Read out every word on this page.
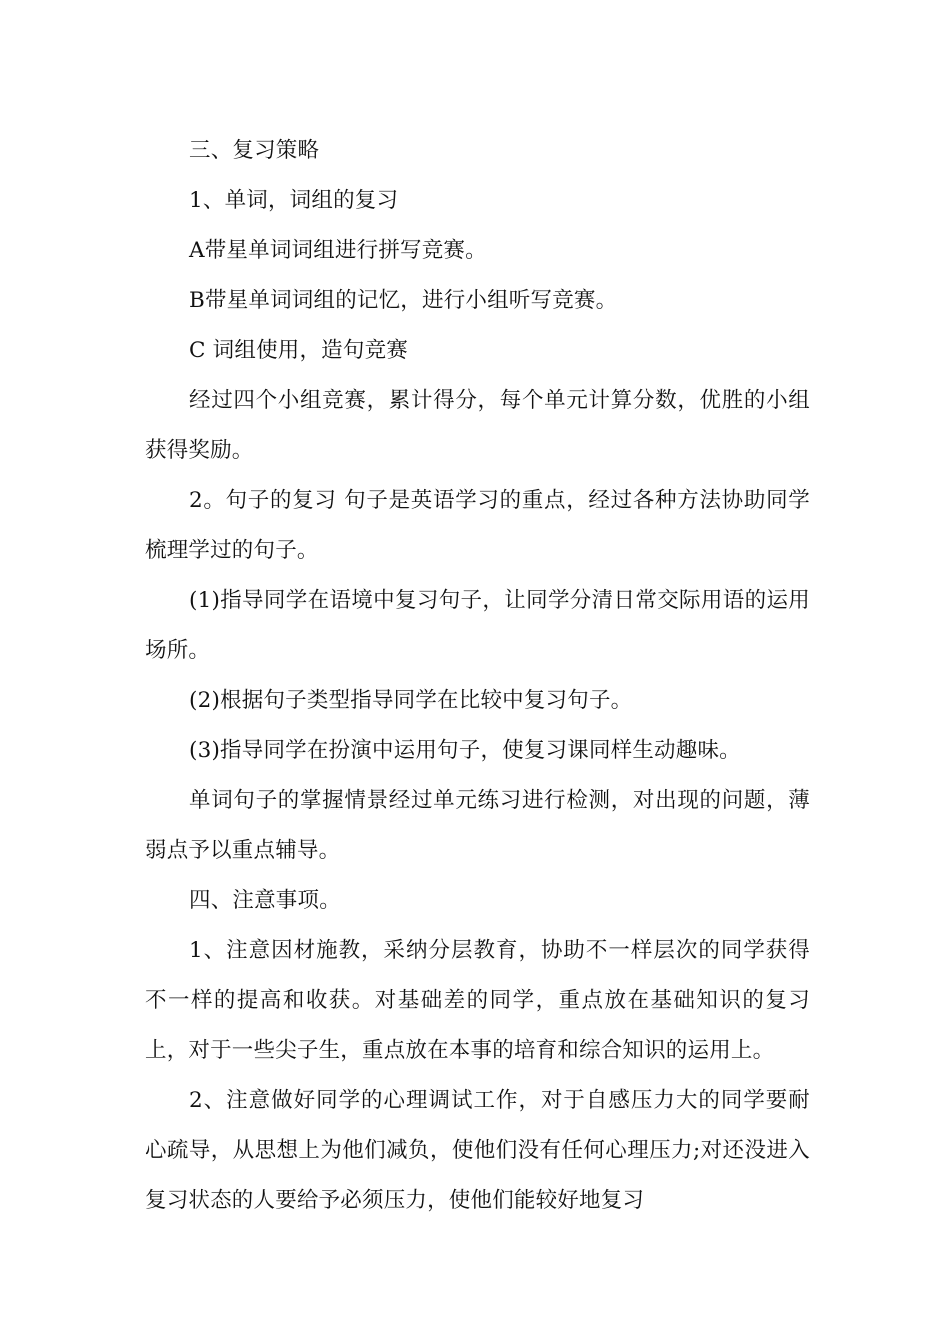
三、复习策略

1、单词，词组的复习

A带星单词词组进行拼写竞赛。

B带星单词词组的记忆，进行小组听写竞赛。

C 词组使用，造句竞赛

经过四个小组竞赛，累计得分，每个单元计算分数，优胜的小组获得奖励。

2。句子的复习 句子是英语学习的重点，经过各种方法协助同学梳理学过的句子。

(1)指导同学在语境中复习句子，让同学分清日常交际用语的运用场所。

(2)根据句子类型指导同学在比较中复习句子。

(3)指导同学在扮演中运用句子，使复习课同样生动趣味。

单词句子的掌握情景经过单元练习进行检测，对出现的问题，薄弱点予以重点辅导。

四、注意事项。

1、注意因材施教，采纳分层教育，协助不一样层次的同学获得不一样的提高和收获。对基础差的同学，重点放在基础知识的复习上，对于一些尖子生，重点放在本事的培育和综合知识的运用上。

2、注意做好同学的心理调试工作，对于自感压力大的同学要耐心疏导，从思想上为他们减负，使他们没有任何心理压力;对还没进入复习状态的人要给予必须压力，使他们能较好地复习
